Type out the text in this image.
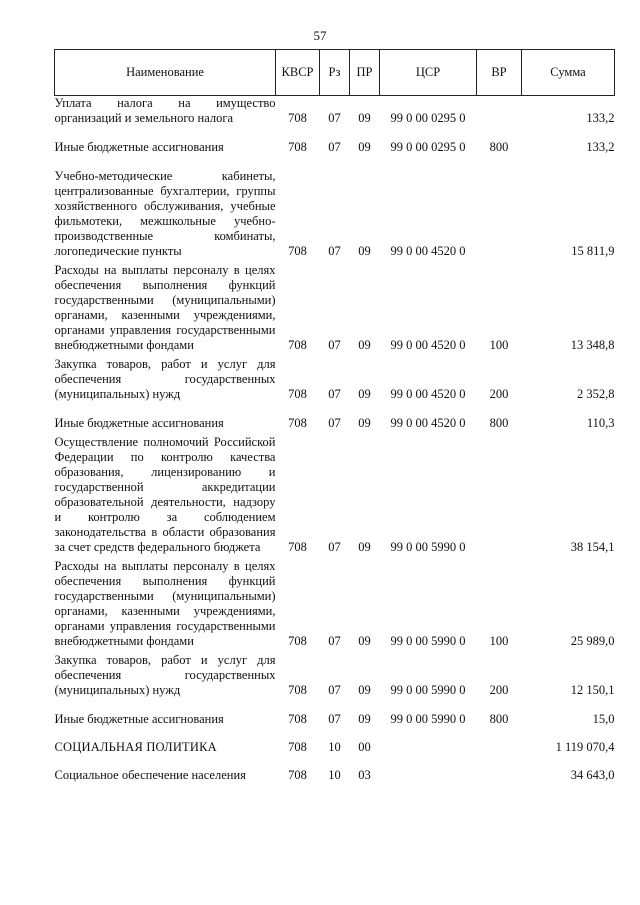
57
Наименование	КВСР	Рз	ПР	ЦСР	ВР	Сумма
Уплата налога на имущество организаций и земельного налога	708	07	09	99 0 00 0295 0		133,2
Иные бюджетные ассигнования	708	07	09	99 0 00 0295 0	800	133,2
Учебно-методические кабинеты, централизованные бухгалтерии, группы хозяйственного обслуживания, учебные фильмотеки, межшкольные учебно-производственные комбинаты, логопедические пункты	708	07	09	99 0 00 4520 0		15 811,9
Расходы на выплаты персоналу в целях обеспечения выполнения функций государственными (муниципальными) органами, казенными учреждениями, органами управления государственными внебюджетными фондами	708	07	09	99 0 00 4520 0	100	13 348,8
Закупка товаров, работ и услуг для обеспечения государственных (муниципальных) нужд	708	07	09	99 0 00 4520 0	200	2 352,8
Иные бюджетные ассигнования	708	07	09	99 0 00 4520 0	800	110,3
Осуществление полномочий Российской Федерации по контролю качества образования, лицензированию и государственной аккредитации образовательной деятельности, надзору и контролю за соблюдением законодательства в области образования за счет средств федерального бюджета	708	07	09	99 0 00 5990 0		38 154,1
Расходы на выплаты персоналу в целях обеспечения выполнения функций государственными (муниципальными) органами, казенными учреждениями, органами управления государственными внебюджетными фондами	708	07	09	99 0 00 5990 0	100	25 989,0
Закупка товаров, работ и услуг для обеспечения государственных (муниципальных) нужд	708	07	09	99 0 00 5990 0	200	12 150,1
Иные бюджетные ассигнования	708	07	09	99 0 00 5990 0	800	15,0
СОЦИАЛЬНАЯ ПОЛИТИКА	708	10	00			1 119 070,4
Социальное обеспечение населения	708	10	03			34 643,0
